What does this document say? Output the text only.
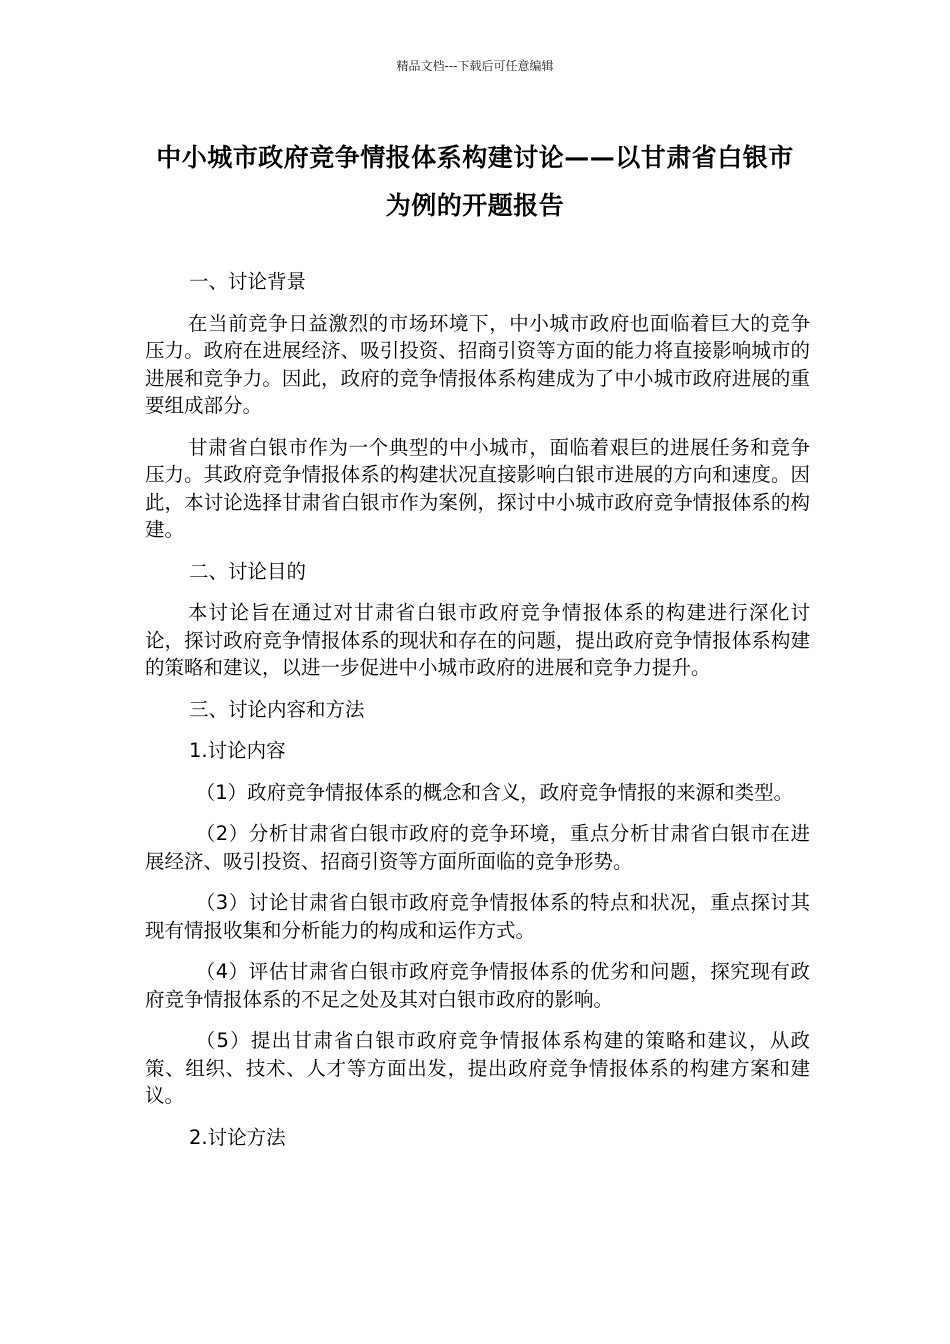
精品文档---下载后可任意编辑
中小城市政府竞争情报体系构建讨论——以甘肃省白银市为例的开题报告

一、讨论背景

在当前竞争日益激烈的市场环境下，中小城市政府也面临着巨大的竞争压力。政府在进展经济、吸引投资、招商引资等方面的能力将直接影响城市的进展和竞争力。因此，政府的竞争情报体系构建成为了中小城市政府进展的重要组成部分。

甘肃省白银市作为一个典型的中小城市，面临着艰巨的进展任务和竞争压力。其政府竞争情报体系的构建状况直接影响白银市进展的方向和速度。因此，本讨论选择甘肃省白银市作为案例，探讨中小城市政府竞争情报体系的构建。

二、讨论目的

本讨论旨在通过对甘肃省白银市政府竞争情报体系的构建进行深化讨论，探讨政府竞争情报体系的现状和存在的问题，提出政府竞争情报体系构建的策略和建议，以进一步促进中小城市政府的进展和竞争力提升。

三、讨论内容和方法

1.讨论内容

（1）政府竞争情报体系的概念和含义，政府竞争情报的来源和类型。

（2）分析甘肃省白银市政府的竞争环境，重点分析甘肃省白银市在进展经济、吸引投资、招商引资等方面所面临的竞争形势。

（3）讨论甘肃省白银市政府竞争情报体系的特点和状况，重点探讨其现有情报收集和分析能力的构成和运作方式。

（4）评估甘肃省白银市政府竞争情报体系的优劣和问题，探究现有政府竞争情报体系的不足之处及其对白银市政府的影响。

（5）提出甘肃省白银市政府竞争情报体系构建的策略和建议，从政策、组织、技术、人才等方面出发，提出政府竞争情报体系的构建方案和建议。

2.讨论方法
